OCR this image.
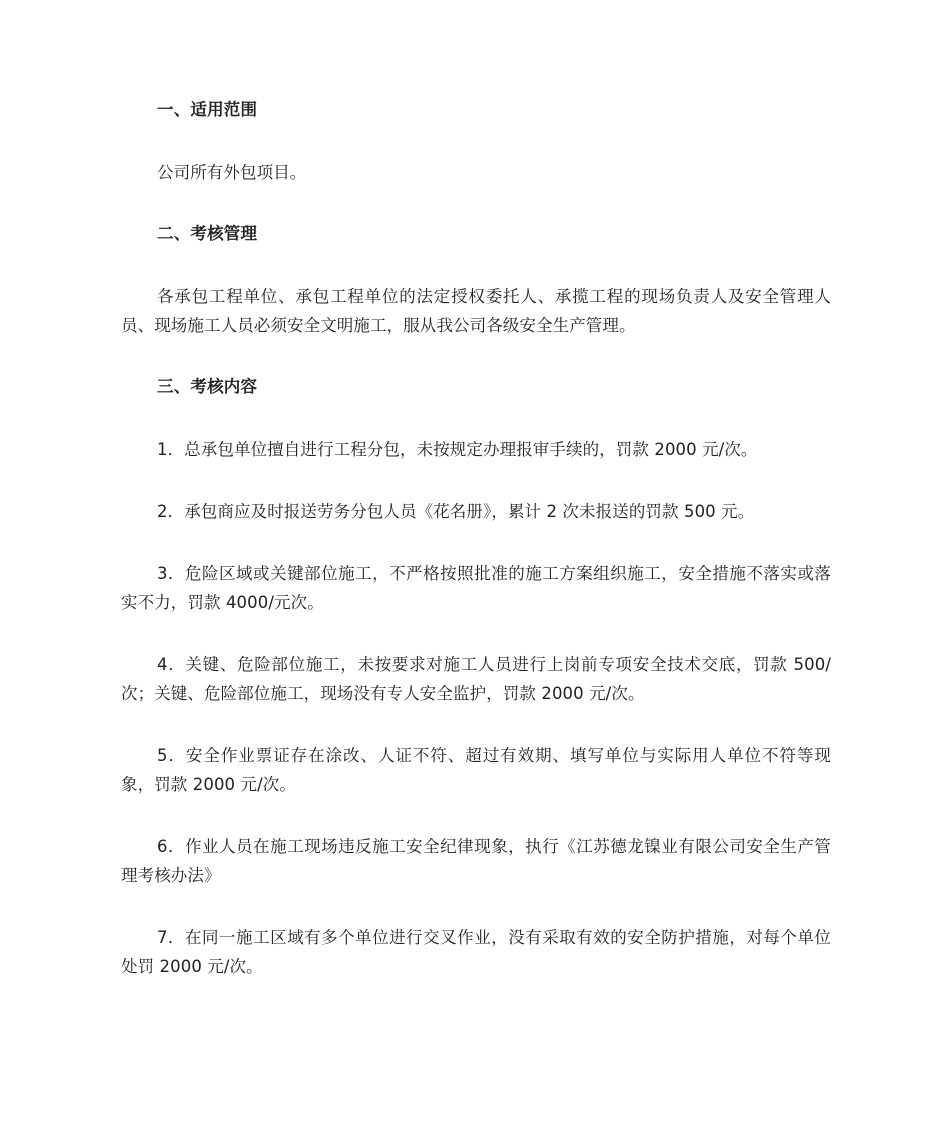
一、适用范围
公司所有外包项目。
二、考核管理
各承包工程单位、承包工程单位的法定授权委托人、承揽工程的现场负责人及安全管理人员、现场施工人员必须安全文明施工，服从我公司各级安全生产管理。
三、考核内容
1．总承包单位擅自进行工程分包，未按规定办理报审手续的，罚款 2000 元/次。
2．承包商应及时报送劳务分包人员《花名册》，累计 2 次未报送的罚款 500 元。
3．危险区域或关键部位施工，不严格按照批准的施工方案组织施工，安全措施不落实或落实不力，罚款 4000/元次。
4．关键、危险部位施工，未按要求对施工人员进行上岗前专项安全技术交底，罚款 500/次；关键、危险部位施工，现场没有专人安全监护，罚款 2000 元/次。
5．安全作业票证存在涂改、人证不符、超过有效期、填写单位与实际用人单位不符等现象，罚款 2000 元/次。
6．作业人员在施工现场违反施工安全纪律现象，执行《江苏德龙镍业有限公司安全生产管理考核办法》
7．在同一施工区域有多个单位进行交叉作业，没有采取有效的安全防护措施，对每个单位处罚 2000 元/次。
